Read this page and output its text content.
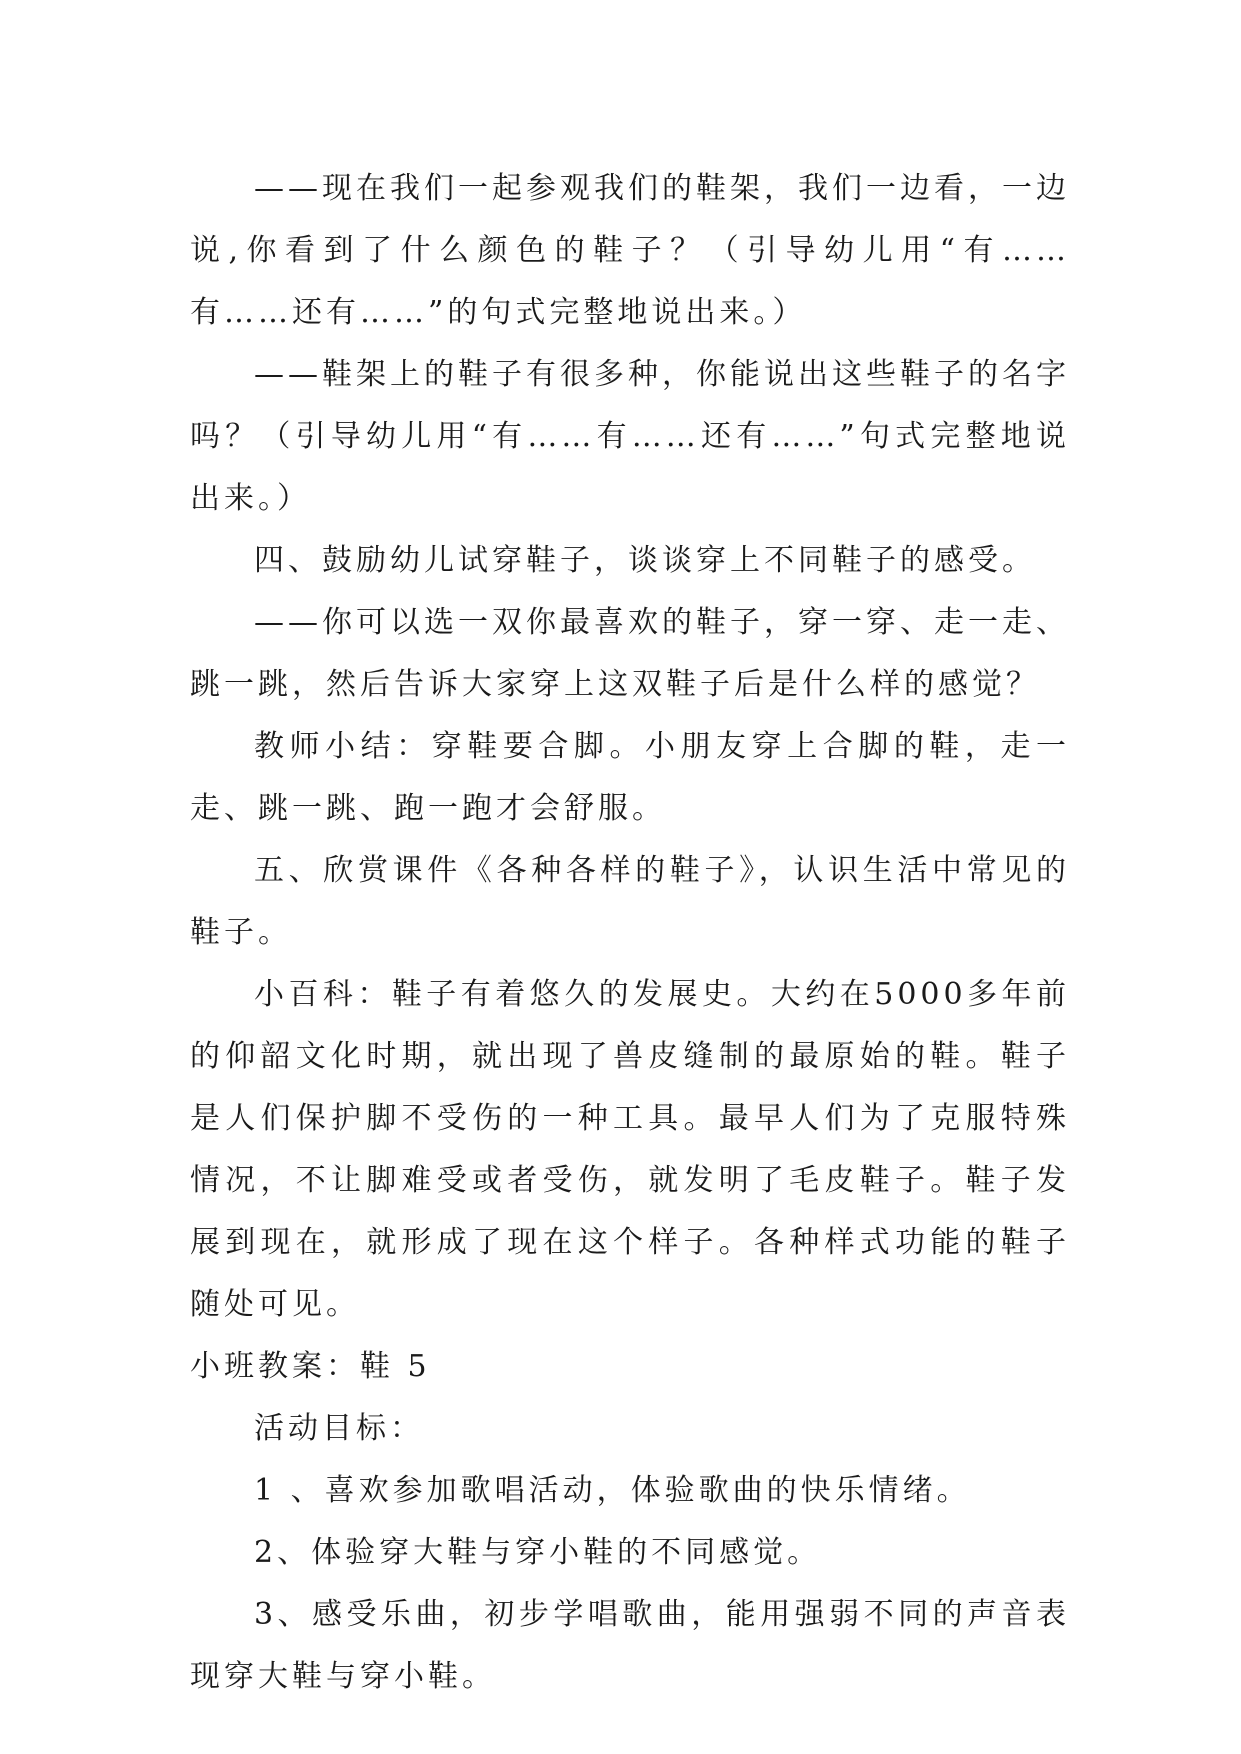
——现在我们一起参观我们的鞋架，我们一边看，一边说,你看到了什么颜色的鞋子？（引导幼儿用“有……有……还有……”的句式完整地说出来。）

——鞋架上的鞋子有很多种，你能说出这些鞋子的名字吗？（引导幼儿用“有……有……还有……”句式完整地说出来。）

四、鼓励幼儿试穿鞋子，谈谈穿上不同鞋子的感受。

——你可以选一双你最喜欢的鞋子，穿一穿、走一走、跳一跳，然后告诉大家穿上这双鞋子后是什么样的感觉？

教师小结：穿鞋要合脚。小朋友穿上合脚的鞋，走一走、跳一跳、跑一跑才会舒服。

五、欣赏课件《各种各样的鞋子》，认识生活中常见的鞋子。

小百科：鞋子有着悠久的发展史。大约在5000多年前的仰韶文化时期，就出现了兽皮缝制的最原始的鞋。鞋子是人们保护脚不受伤的一种工具。最早人们为了克服特殊情况，不让脚难受或者受伤，就发明了毛皮鞋子。鞋子发展到现在，就形成了现在这个样子。各种样式功能的鞋子随处可见。

小班教案：鞋 5

活动目标：

1 、喜欢参加歌唱活动，体验歌曲的快乐情绪。

2、体验穿大鞋与穿小鞋的不同感觉。

3、感受乐曲，初步学唱歌曲，能用强弱不同的声音表现穿大鞋与穿小鞋。
